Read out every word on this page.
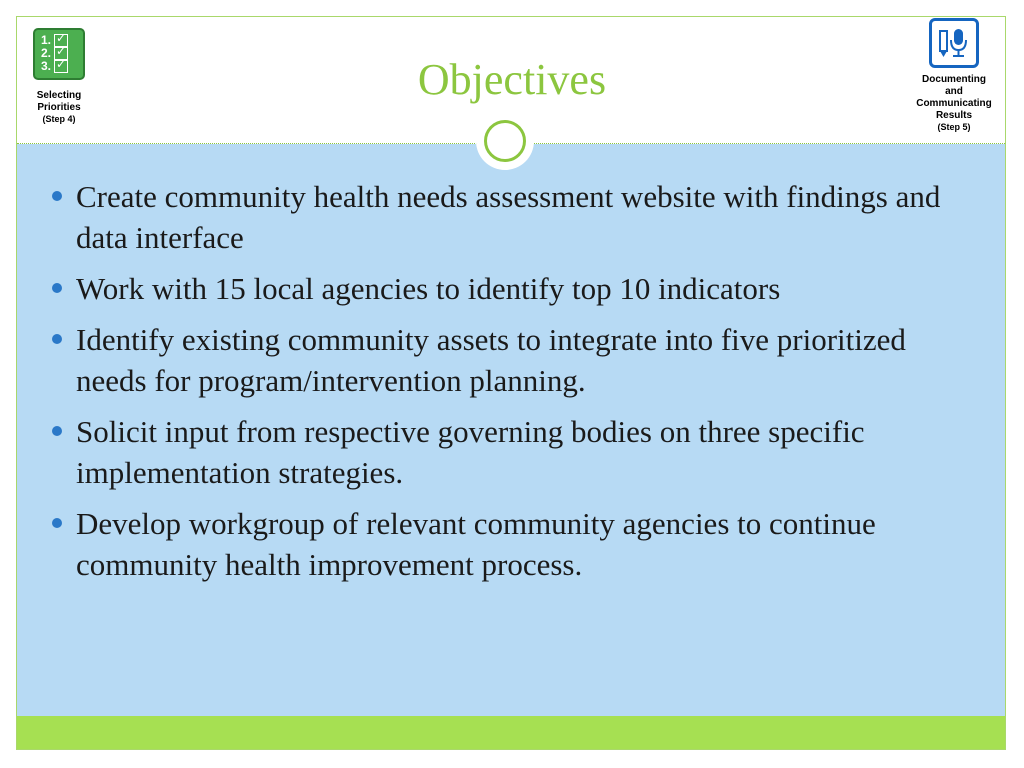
Objectives
1. ✓
2. ✓
3. ✓
Selecting Priorities
(Step 4)
Documenting
and
Communicating
Results
(Step 5)
Create community health needs assessment website with findings and data interface
Work with 15 local agencies to identify top 10 indicators
Identify existing community assets to integrate into five prioritized needs for program/intervention planning.
Solicit input from respective governing bodies on three specific implementation strategies.
Develop workgroup of relevant community agencies to continue community health improvement process.
